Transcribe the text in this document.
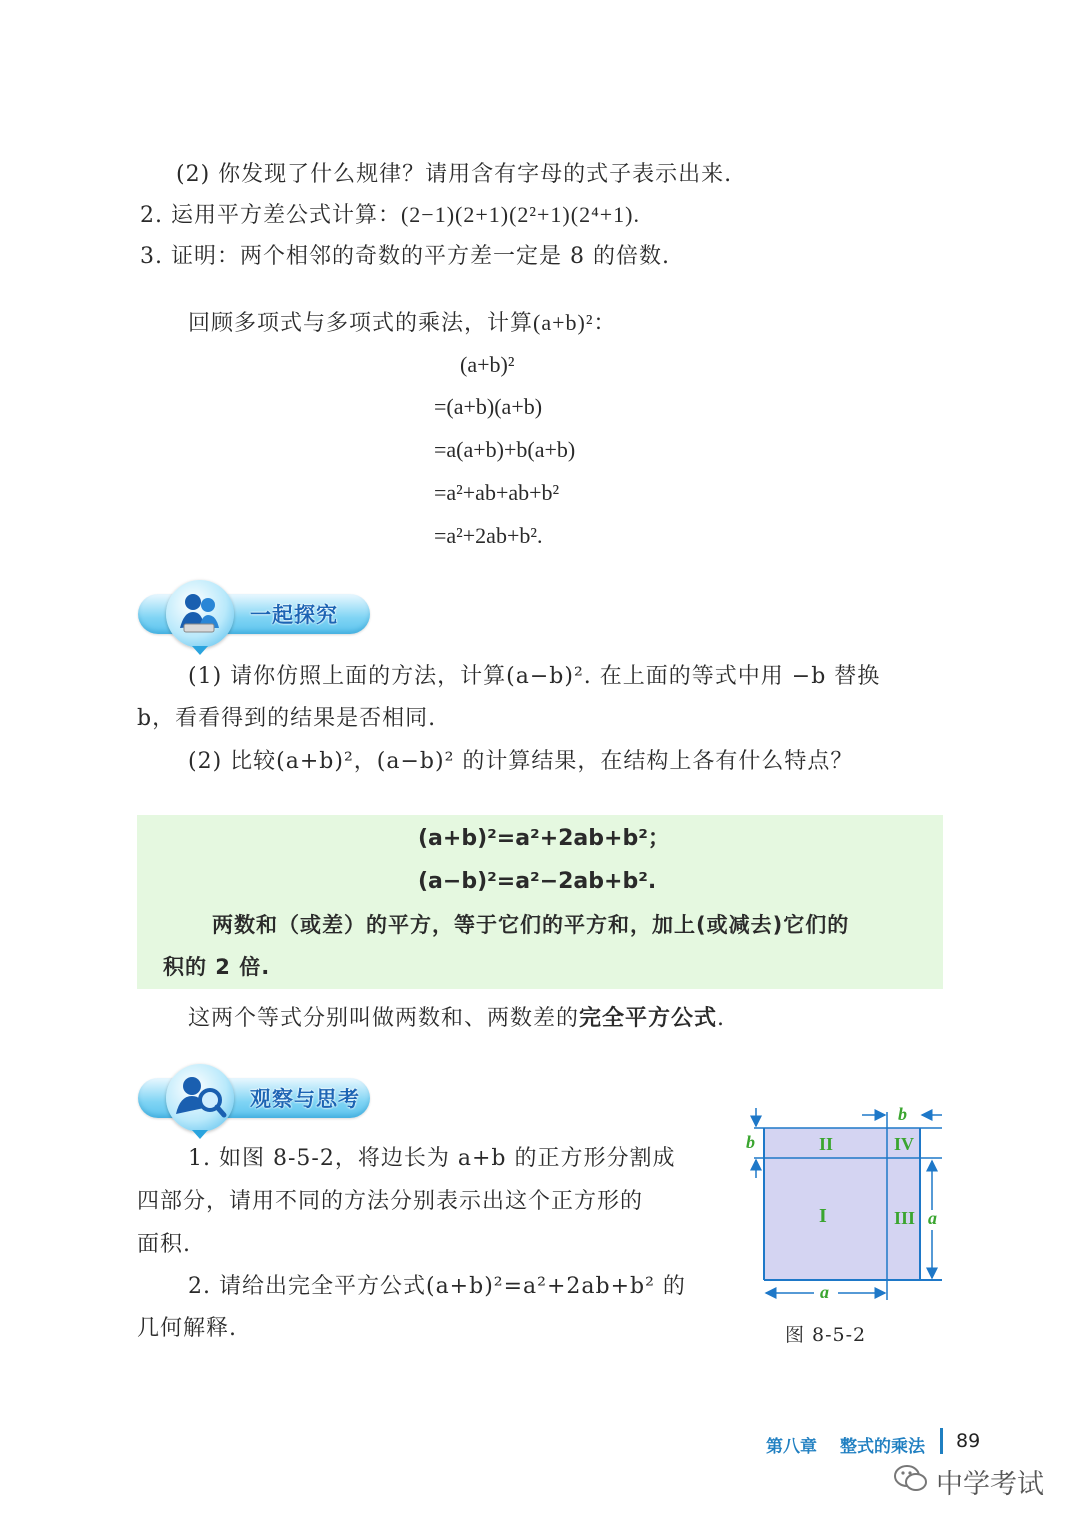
(2) 你发现了什么规律？请用含有字母的式子表示出来.
2. 运用平方差公式计算：(2−1)(2+1)(2²+1)(2⁴+1).
3. 证明：两个相邻的奇数的平方差一定是 8 的倍数.
回顾多项式与多项式的乘法，计算(a+b)²：
(a+b)²
=(a+b)(a+b)
=a(a+b)+b(a+b)
=a²+ab+ab+b²
=a²+2ab+b².
一起探究
(1) 请你仿照上面的方法，计算(a−b)². 在上面的等式中用 −b 替换
b，看看得到的结果是否相同.
(2) 比较(a+b)²，(a−b)² 的计算结果，在结构上各有什么特点？
(a+b)²=a²+2ab+b²；
(a−b)²=a²−2ab+b².
两数和（或差）的平方，等于它们的平方和，加上(或减去)它们的
积的 2 倍.
这两个等式分别叫做两数和、两数差的完全平方公式.
观察与思考
1. 如图 8-5-2，将边长为 a+b 的正方形分割成
四部分，请用不同的方法分别表示出这个正方形的
面积.
2. 请给出完全平方公式(a+b)²=a²+2ab+b² 的
几何解释.
II	IV
I	III
b
b
a
a
图 8-5-2
第八章 整式的乘法 89
中学考试
